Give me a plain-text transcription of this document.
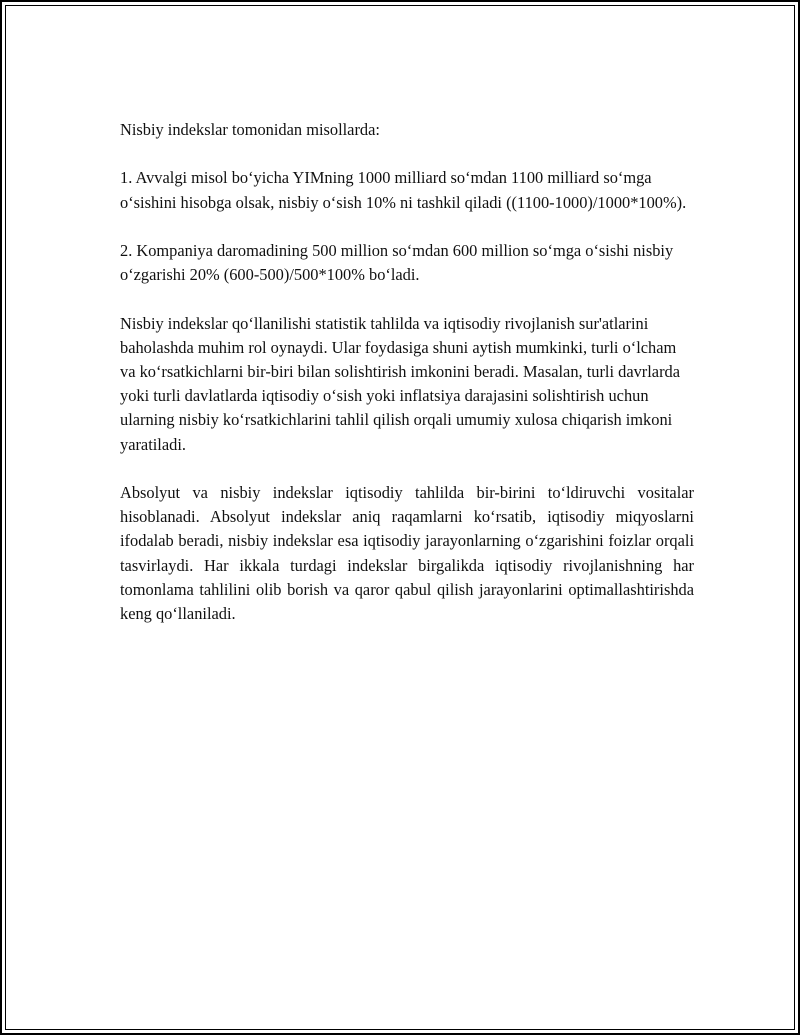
Nisbiy indekslar tomonidan misollarda:

1. Avvalgi misol bo‘yicha YIMning 1000 milliard so‘mdan 1100 milliard so‘mga o‘sishini hisobga olsak, nisbiy o‘sish 10% ni tashkil qiladi ((1100-1000)/1000*100%).

2. Kompaniya daromadining 500 million so‘mdan 600 million so‘mga o‘sishi nisbiy o‘zgarishi 20% (600-500)/500*100% bo‘ladi.

Nisbiy indekslar qo‘llanilishi statistik tahlilda va iqtisodiy rivojlanish sur'atlarini baholashda muhim rol oynaydi. Ular foydasiga shuni aytish mumkinki, turli o‘lcham va ko‘rsatkichlarni bir-biri bilan solishtirish imkonini beradi. Masalan, turli davrlarda yoki turli davlatlarda iqtisodiy o‘sish yoki inflatsiya darajasini solishtirish uchun ularning nisbiy ko‘rsatkichlarini tahlil qilish orqali umumiy xulosa chiqarish imkoni yaratiladi.

Absolyut va nisbiy indekslar iqtisodiy tahlilda bir-birini to‘ldiruvchi vositalar hisoblanadi. Absolyut indekslar aniq raqamlarni ko‘rsatib, iqtisodiy miqyoslarni ifodalab beradi, nisbiy indekslar esa iqtisodiy jarayonlarning o‘zgarishini foizlar orqali tasvirlaydi. Har ikkala turdagi indekslar birgalikda iqtisodiy rivojlanishning har tomonlama tahlilini olib borish va qaror qabul qilish jarayonlarini optimallashtirishda keng qo‘llaniladi.
